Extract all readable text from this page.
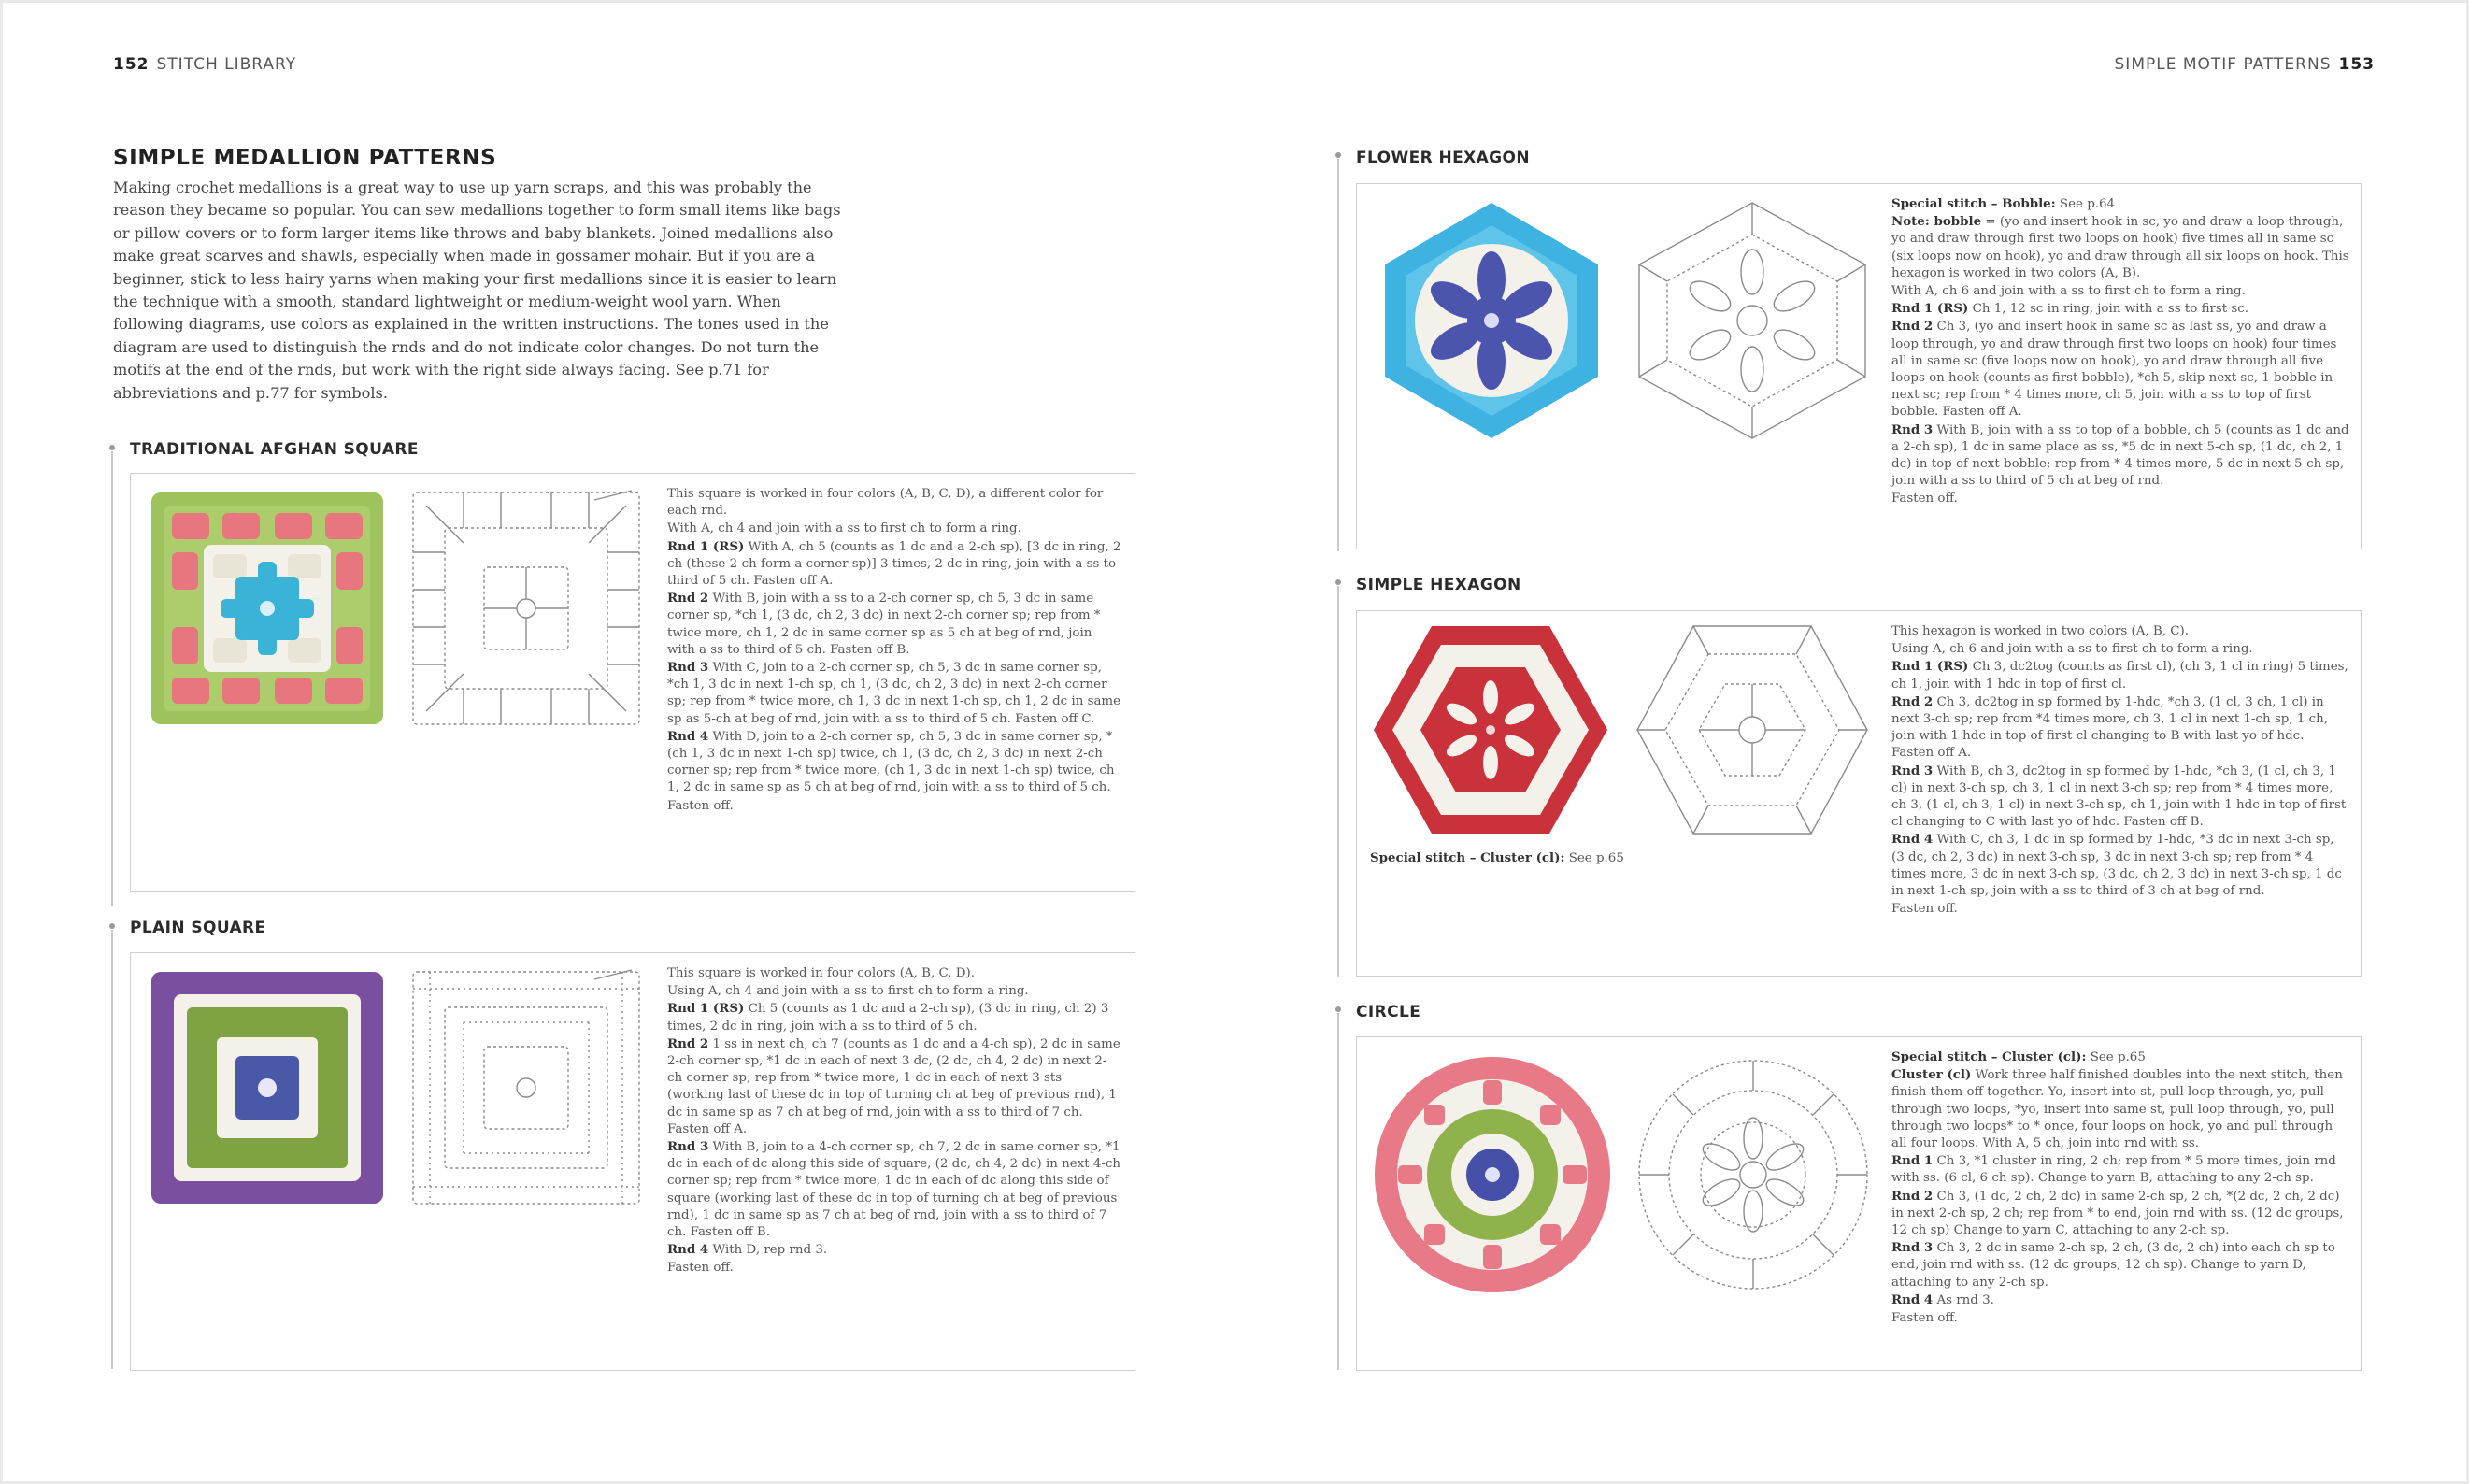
152 STITCH LIBRARY	SIMPLE MOTIF PATTERNS 153
SIMPLE MEDALLION PATTERNS

Making crochet medallions is a great way to use up yarn scraps, and this was probably the reason they became so popular. You can sew medallions together to form small items like bags or pillow covers or to form larger items like throws and baby blankets. Joined medallions also make great scarves and shawls, especially when made in gossamer mohair. But if you are a beginner, stick to less hairy yarns when making your first medallions since it is easier to learn the technique with a smooth, standard lightweight or medium-weight wool yarn. When following diagrams, use colors as explained in the written instructions. The tones used in the diagram are used to distinguish the rnds and do not indicate color changes. Do not turn the motifs at the end of the rnds, but work with the right side always facing. See p.71 for abbreviations and p.77 for symbols.

TRADITIONAL AFGHAN SQUARE

This square is worked in four colors (A, B, C, D), a different color for each rnd.

With A, ch 4 and join with a ss to first ch to form a ring.

Rnd 1 (RS) With A, ch 5 (counts as 1 dc and a 2-ch sp), [3 dc in ring, 2 ch (these 2-ch form a corner sp)] 3 times, 2 dc in ring, join with a ss to third of 5 ch. Fasten off A.

Rnd 2 With B, join with a ss to a 2-ch corner sp, ch 5, 3 dc in same corner sp, *ch 1, (3 dc, ch 2, 3 dc) in next 2-ch corner sp; rep from * twice more, ch 1, 2 dc in same corner sp as 5 ch at beg of rnd, join with a ss to third of 5 ch. Fasten off B.

Rnd 3 With C, join to a 2-ch corner sp, ch 5, 3 dc in same corner sp, *ch 1, 3 dc in next 1-ch sp, ch 1, (3 dc, ch 2, 3 dc) in next 2-ch corner sp; rep from * twice more, ch 1, 3 dc in next 1-ch sp, ch 1, 2 dc in same sp as 5-ch at beg of rnd, join with a ss to third of 5 ch. Fasten off C.

Rnd 4 With D, join to a 2-ch corner sp, ch 5, 3 dc in same corner sp, *(ch 1, 3 dc in next 1-ch sp) twice, ch 1, (3 dc, ch 2, 3 dc) in next 2-ch corner sp; rep from * twice more, (ch 1, 3 dc in next 1-ch sp) twice, ch 1, 2 dc in same sp as 5 ch at beg of rnd, join with a ss to third of 5 ch.

Fasten off.

PLAIN SQUARE

This square is worked in four colors (A, B, C, D).

Using A, ch 4 and join with a ss to first ch to form a ring.

Rnd 1 (RS) Ch 5 (counts as 1 dc and a 2-ch sp), (3 dc in ring, ch 2) 3 times, 2 dc in ring, join with a ss to third of 5 ch.

Rnd 2 1 ss in next ch, ch 7 (counts as 1 dc and a 4-ch sp), 2 dc in same 2-ch corner sp, *1 dc in each of next 3 dc, (2 dc, ch 4, 2 dc) in next 2-ch corner sp; rep from * twice more, 1 dc in each of next 3 sts (working last of these dc in top of turning ch at beg of previous rnd), 1 dc in same sp as 7 ch at beg of rnd, join with a ss to third of 7 ch. Fasten off A.

Rnd 3 With B, join to a 4-ch corner sp, ch 7, 2 dc in same corner sp, *1 dc in each of dc along this side of square, (2 dc, ch 4, 2 dc) in next 4-ch corner sp; rep from * twice more, 1 dc in each of dc along this side of square (working last of these dc in top of turning ch at beg of previous rnd), 1 dc in same sp as 7 ch at beg of rnd, join with a ss to third of 7 ch. Fasten off B.

Rnd 4 With D, rep rnd 3.

Fasten off.

FLOWER HEXAGON

Special stitch – Bobble: See p.64

Note: bobble = (yo and insert hook in sc, yo and draw a loop through, yo and draw through first two loops on hook) five times all in same sc (six loops now on hook), yo and draw through all six loops on hook. This hexagon is worked in two colors (A, B).

With A, ch 6 and join with a ss to first ch to form a ring.

Rnd 1 (RS) Ch 1, 12 sc in ring, join with a ss to first sc.

Rnd 2 Ch 3, (yo and insert hook in same sc as last ss, yo and draw a loop through, yo and draw through first two loops on hook) four times all in same sc (five loops now on hook), yo and draw through all five loops on hook (counts as first bobble), *ch 5, skip next sc, 1 bobble in next sc; rep from * 4 times more, ch 5, join with a ss to top of first bobble. Fasten off A.

Rnd 3 With B, join with a ss to top of a bobble, ch 5 (counts as 1 dc and a 2-ch sp), 1 dc in same place as ss, *5 dc in next 5-ch sp, (1 dc, ch 2, 1 dc) in top of next bobble; rep from * 4 times more, 5 dc in next 5-ch sp, join with a ss to third of 5 ch at beg of rnd.

Fasten off.

SIMPLE HEXAGON
Special stitch – Cluster (cl): See p.65

This hexagon is worked in two colors (A, B, C).

Using A, ch 6 and join with a ss to first ch to form a ring.

Rnd 1 (RS) Ch 3, dc2tog (counts as first cl), (ch 3, 1 cl in ring) 5 times, ch 1, join with 1 hdc in top of first cl.

Rnd 2 Ch 3, dc2tog in sp formed by 1-hdc, *ch 3, (1 cl, 3 ch, 1 cl) in next 3-ch sp; rep from *4 times more, ch 3, 1 cl in next 1-ch sp, 1 ch, join with 1 hdc in top of first cl changing to B with last yo of hdc. Fasten off A.

Rnd 3 With B, ch 3, dc2tog in sp formed by 1-hdc, *ch 3, (1 cl, ch 3, 1 cl) in next 3-ch sp, ch 3, 1 cl in next 3-ch sp; rep from * 4 times more, ch 3, (1 cl, ch 3, 1 cl) in next 3-ch sp, ch 1, join with 1 hdc in top of first cl changing to C with last yo of hdc. Fasten off B.

Rnd 4 With C, ch 3, 1 dc in sp formed by 1-hdc, *3 dc in next 3-ch sp, (3 dc, ch 2, 3 dc) in next 3-ch sp, 3 dc in next 3-ch sp; rep from * 4 times more, 3 dc in next 3-ch sp, (3 dc, ch 2, 3 dc) in next 3-ch sp, 1 dc in next 1-ch sp, join with a ss to third of 3 ch at beg of rnd.

Fasten off.

CIRCLE

Special stitch – Cluster (cl): See p.65

Cluster (cl) Work three half finished doubles into the next stitch, then finish them off together. Yo, insert into st, pull loop through, yo, pull through two loops, *yo, insert into same st, pull loop through, yo, pull through two loops* to * once, four loops on hook, yo and pull through all four loops. With A, 5 ch, join into rnd with ss.

Rnd 1 Ch 3, *1 cluster in ring, 2 ch; rep from * 5 more times, join rnd with ss. (6 cl, 6 ch sp). Change to yarn B, attaching to any 2-ch sp.

Rnd 2 Ch 3, (1 dc, 2 ch, 2 dc) in same 2-ch sp, 2 ch, *(2 dc, 2 ch, 2 dc) in next 2-ch sp, 2 ch; rep from * to end, join rnd with ss. (12 dc groups, 12 ch sp) Change to yarn C, attaching to any 2-ch sp.

Rnd 3 Ch 3, 2 dc in same 2-ch sp, 2 ch, (3 dc, 2 ch) into each ch sp to end, join rnd with ss. (12 dc groups, 12 ch sp). Change to yarn D, attaching to any 2-ch sp.

Rnd 4 As rnd 3.

Fasten off.
